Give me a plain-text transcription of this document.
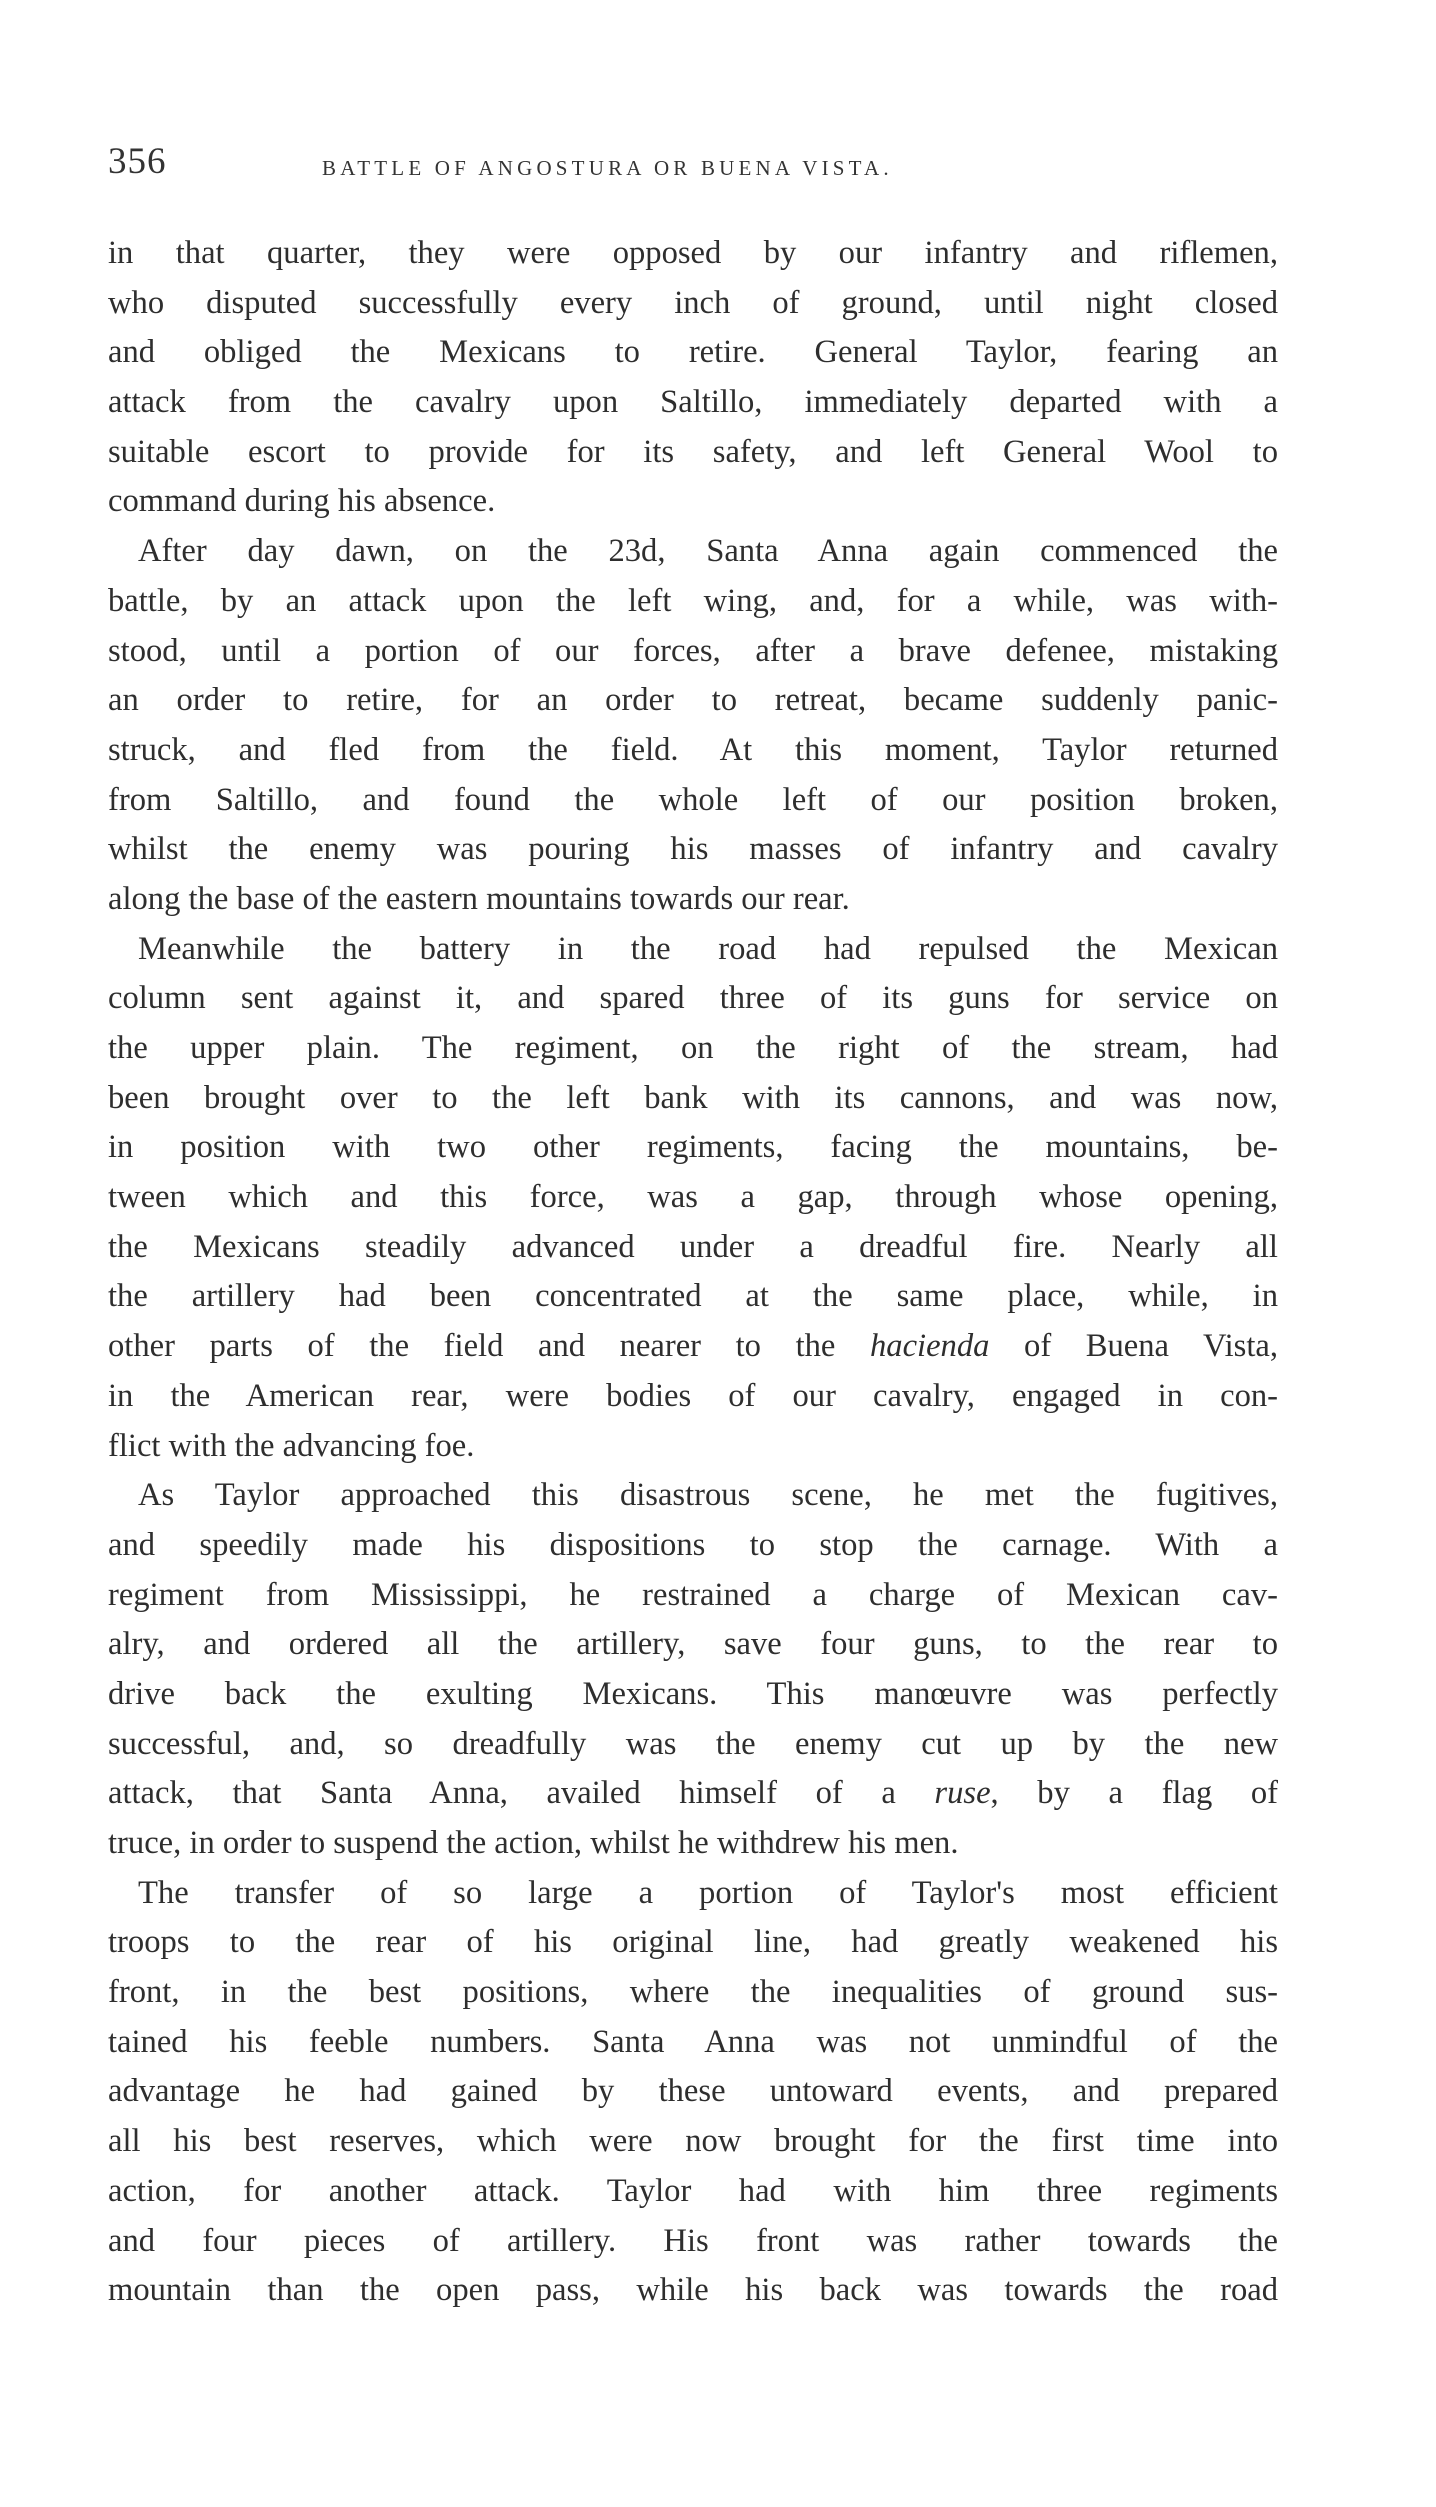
356	BATTLE OF ANGOSTURA OR BUENA VISTA.
in that quarter, they were opposed by our infantry and riflemen,
who disputed successfully every inch of ground, until night closed
and obliged the Mexicans to retire. General Taylor, fearing an
attack from the cavalry upon Saltillo, immediately departed with a
suitable escort to provide for its safety, and left General Wool to
command during his absence.
After day dawn, on the 23d, Santa Anna again commenced the
battle, by an attack upon the left wing, and, for a while, was with-
stood, until a portion of our forces, after a brave defenee, mistaking
an order to retire, for an order to retreat, became suddenly panic-
struck, and fled from the field. At this moment, Taylor returned
from Saltillo, and found the whole left of our position broken,
whilst the enemy was pouring his masses of infantry and cavalry
along the base of the eastern mountains towards our rear.
Meanwhile the battery in the road had repulsed the Mexican
column sent against it, and spared three of its guns for service on
the upper plain. The regiment, on the right of the stream, had
been brought over to the left bank with its cannons, and was now,
in position with two other regiments, facing the mountains, be-
tween which and this force, was a gap, through whose opening,
the Mexicans steadily advanced under a dreadful fire. Nearly all
the artillery had been concentrated at the same place, while, in
other parts of the field and nearer to the hacienda of Buena Vista,
in the American rear, were bodies of our cavalry, engaged in con-
flict with the advancing foe.
As Taylor approached this disastrous scene, he met the fugitives,
and speedily made his dispositions to stop the carnage. With a
regiment from Mississippi, he restrained a charge of Mexican cav-
alry, and ordered all the artillery, save four guns, to the rear to
drive back the exulting Mexicans. This manœuvre was perfectly
successful, and, so dreadfully was the enemy cut up by the new
attack, that Santa Anna, availed himself of a ruse, by a flag of
truce, in order to suspend the action, whilst he withdrew his men.
The transfer of so large a portion of Taylor's most efficient
troops to the rear of his original line, had greatly weakened his
front, in the best positions, where the inequalities of ground sus-
tained his feeble numbers. Santa Anna was not unmindful of the
advantage he had gained by these untoward events, and prepared
all his best reserves, which were now brought for the first time into
action, for another attack. Taylor had with him three regiments
and four pieces of artillery. His front was rather towards the
mountain than the open pass, while his back was towards the road
